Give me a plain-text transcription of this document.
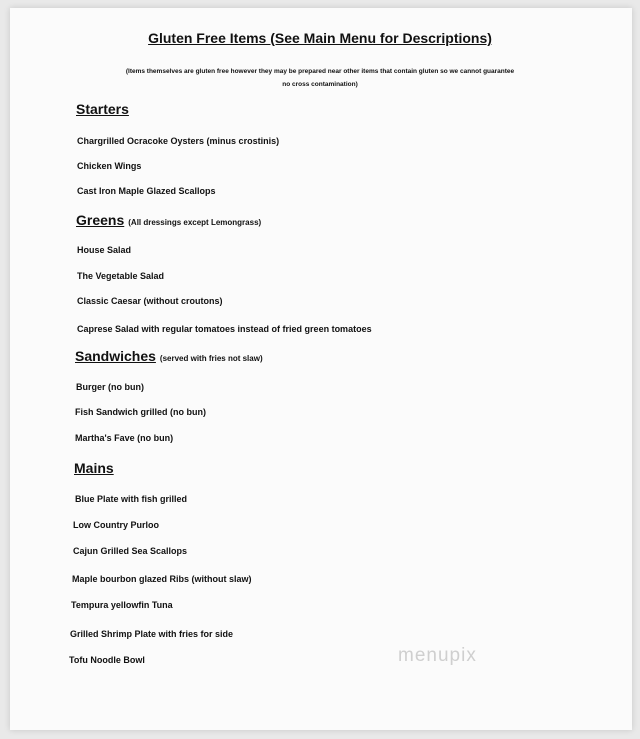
Gluten Free Items (See Main Menu for Descriptions)
(Items themselves are gluten free however they may be prepared near other items that contain gluten so we cannot guarantee
no cross contamination)
Starters
Chargrilled Ocracoke Oysters (minus crostinis)
Chicken Wings
Cast Iron Maple Glazed Scallops
Greens (All dressings except Lemongrass)
House Salad
The Vegetable Salad
Classic Caesar (without croutons)
Caprese Salad with regular tomatoes instead of fried green tomatoes
Sandwiches (served with fries not slaw)
Burger (no bun)
Fish Sandwich grilled (no bun)
Martha's Fave (no bun)
Mains
Blue Plate with fish grilled
Low Country Purloo
Cajun Grilled Sea Scallops
Maple bourbon glazed Ribs (without slaw)
Tempura yellowfin Tuna
Grilled Shrimp Plate with fries for side
Tofu Noodle Bowl	menupix
